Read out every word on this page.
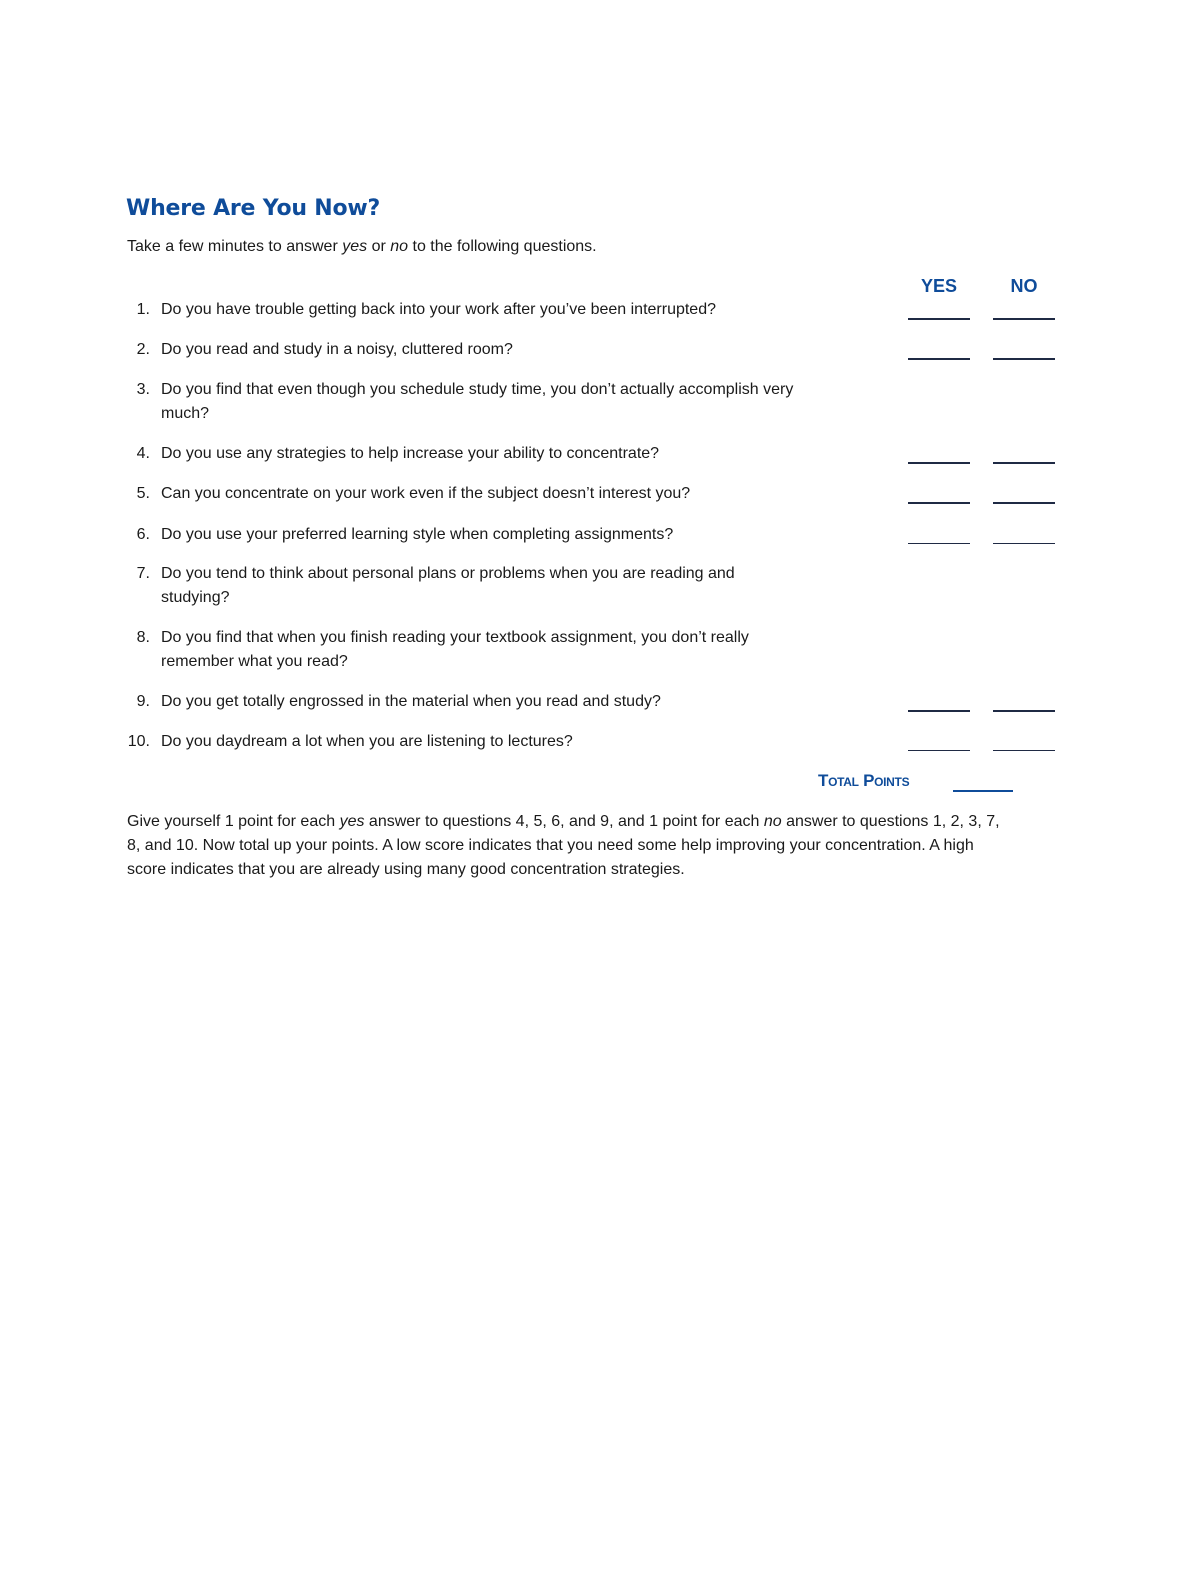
Where Are You Now?
Take a few minutes to answer yes or no to the following questions.
YES	NO
1. Do you have trouble getting back into your work after you’ve been interrupted?
2. Do you read and study in a noisy, cluttered room?
3. Do you find that even though you schedule study time, you don’t actually accomplish very much?
4. Do you use any strategies to help increase your ability to concentrate?
5. Can you concentrate on your work even if the subject doesn’t interest you?
6. Do you use your preferred learning style when completing assignments?
7. Do you tend to think about personal plans or problems when you are reading and studying?
8. Do you find that when you finish reading your textbook assignment, you don’t really remember what you read?
9. Do you get totally engrossed in the material when you read and study?
10. Do you daydream a lot when you are listening to lectures?
Total Points
Give yourself 1 point for each yes answer to questions 4, 5, 6, and 9, and 1 point for each no answer to questions 1, 2, 3, 7, 8, and 10. Now total up your points. A low score indicates that you need some help improving your concentration. A high score indicates that you are already using many good concentration strategies.
